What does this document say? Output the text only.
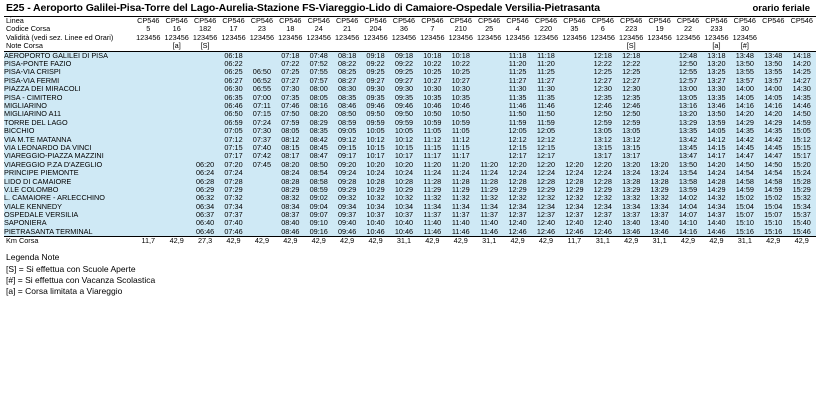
E25 - Aeroporto Galilei-Pisa-Torre del Lago-Aurelia-Stazione FS-Viareggio-Lido di Camaiore-Ospedale Versilia-Pietrasanta	orario feriale
Linea	CP546	CP546	CP546	CP546	CP546	CP546	CP546	CP546	CP546	CP546	CP546	CP546	CP546	CP546	CP546	CP546	CP546	CP546	CP546	CP546	CP546	CP546	CP546	CP546
Codice Corsa	5	16	182	17	23	18	24	21	204	36	7	210	25	4	220	35	6	223	19	22	233	30		
Validità (vedi sez. Linee ed Orari)	123456	123456	123456	123456	123456	123456	123456	123456	123456	123456	123456	123456	123456	123456	123456	123456	123456	123456	123456	123456	123456	123456		
Note Corsa		[a]	[S]															[S]			[a]	[#]		
AEROPORTO GALILEI DI PISA				06:18		07:18	07:48	08:18	09:18	09:18	10:18	10:18		11:18	11:18		12:18	12:18		12:48	13:18	13:48	13:48	14:18
PISA-PONTE FAZIO				06:22		07:22	07:52	08:22	09:22	09:22	10:22	10:22		11:20	11:20		12:22	12:22		12:50	13:20	13:50	13:50	14:20
PISA-VIA CRISPI				06:25	06:50	07:25	07:55	08:25	09:25	09:25	10:25	10:25		11:25	11:25		12:25	12:25		12:55	13:25	13:55	13:55	14:25
PISA-VIA FERMI				06:27	06:52	07:27	07:57	08:27	09:27	09:27	10:27	10:27		11:27	11:27		12:27	12:27		12:57	13:27	13:57	13:57	14:27
PIAZZA DEI MIRACOLI				06:30	06:55	07:30	08:00	08:30	09:30	09:30	10:30	10:30		11:30	11:30		12:30	12:30		13:00	13:30	14:00	14:00	14:30
PISA - CIMITERO				06:35	07:00	07:35	08:05	08:35	09:35	09:35	10:35	10:35		11:35	11:35		12:35	12:35		13:05	13:35	14:05	14:05	14:35
MIGLIARINO				06:46	07:11	07:46	08:16	08:46	09:46	09:46	10:46	10:46		11:46	11:46		12:46	12:46		13:16	13:46	14:16	14:16	14:46
MIGLIARINO A11				06:50	07:15	07:50	08:20	08:50	09:50	09:50	10:50	10:50		11:50	11:50		12:50	12:50		13:20	13:50	14:20	14:20	14:50
TORRE DEL LAGO				06:59	07:24	07:59	08:29	08:59	09:59	09:59	10:59	10:59		11:59	11:59		12:59	12:59		13:29	13:59	14:29	14:29	14:59
BICCHIO				07:05	07:30	08:05	08:35	09:05	10:05	10:05	11:05	11:05		12:05	12:05		13:05	13:05		13:35	14:05	14:35	14:35	15:05
VIA M.TE MATANNA				07:12	07:37	08:12	08:42	09:12	10:12	10:12	11:12	11:12		12:12	12:12		13:12	13:12		13:42	14:12	14:42	14:42	15:12
VIA LEONARDO DA VINCI				07:15	07:40	08:15	08:45	09:15	10:15	10:15	11:15	11:15		12:15	12:15		13:15	13:15		13:45	14:15	14:45	14:45	15:15
VIAREGGIO-PIAZZA MAZZINI				07:17	07:42	08:17	08:47	09:17	10:17	10:17	11:17	11:17		12:17	12:17		13:17	13:17		13:47	14:17	14:47	14:47	15:17
VIAREGGIO P.ZA D'AZEGLIO			06:20	07:20	07:45	08:20	08:50	09:20	10:20	10:20	11:20	11:20	11:20	12:20	12:20	12:20	12:20	13:20	13:20	13:50	14:20	14:50	14:50	15:20
PRINCIPE PIEMONTE			06:24	07:24		08:24	08:54	09:24	10:24	10:24	11:24	11:24	11:24	12:24	12:24	12:24	12:24	13:24	13:24	13:54	14:24	14:54	14:54	15:24
LIDO DI CAMAIORE			06:28	07:28		08:28	08:58	09:28	10:28	10:28	11:28	11:28	11:28	12:28	12:28	12:28	12:28	13:28	13:28	13:58	14:28	14:58	14:58	15:28
V.LE COLOMBO			06:29	07:29		08:29	08:59	09:29	10:29	10:29	11:29	11:29	11:29	12:29	12:29	12:29	12:29	13:29	13:29	13:59	14:29	14:59	14:59	15:29
L. CAMAIORE - ARLECCHINO			06:32	07:32		08:32	09:02	09:32	10:32	10:32	11:32	11:32	11:32	12:32	12:32	12:32	12:32	13:32	13:32	14:02	14:32	15:02	15:02	15:32
VIALE KENNEDY			06:34	07:34		08:34	09:04	09:34	10:34	10:34	11:34	11:34	11:34	12:34	12:34	12:34	12:34	13:34	13:34	14:04	14:34	15:04	15:04	15:34
OSPEDALE VERSILIA			06:37	07:37		08:37	09:07	09:37	10:37	10:37	11:37	11:37	11:37	12:37	12:37	12:37	12:37	13:37	13:37	14:07	14:37	15:07	15:07	15:37
SAPONIERA			06:40	07:40		08:40	09:10	09:40	10:40	10:40	11:40	11:40	11:40	12:40	12:40	12:40	12:40	13:40	13:40	14:10	14:40	15:10	15:10	15:40
PIETRASANTA TERMINAL			06:46	07:46		08:46	09:16	09:46	10:46	10:46	11:46	11:46	11:46	12:46	12:46	12:46	12:46	13:46	13:46	14:16	14:46	15:16	15:16	15:46
Km Corsa	11,7	42,9	27,3	42,9	42,9	42,9	42,9	42,9	42,9	31,1	42,9	42,9	31,1	42,9	42,9	11,7	31,1	42,9	31,1	42,9	42,9	31,1	42,9	42,9
Legenda Note
[S] = Si effettua con Scuole Aperte
[#] = Si effettua con Vacanza Scolastica
[a] = Corsa limitata a Viareggio
